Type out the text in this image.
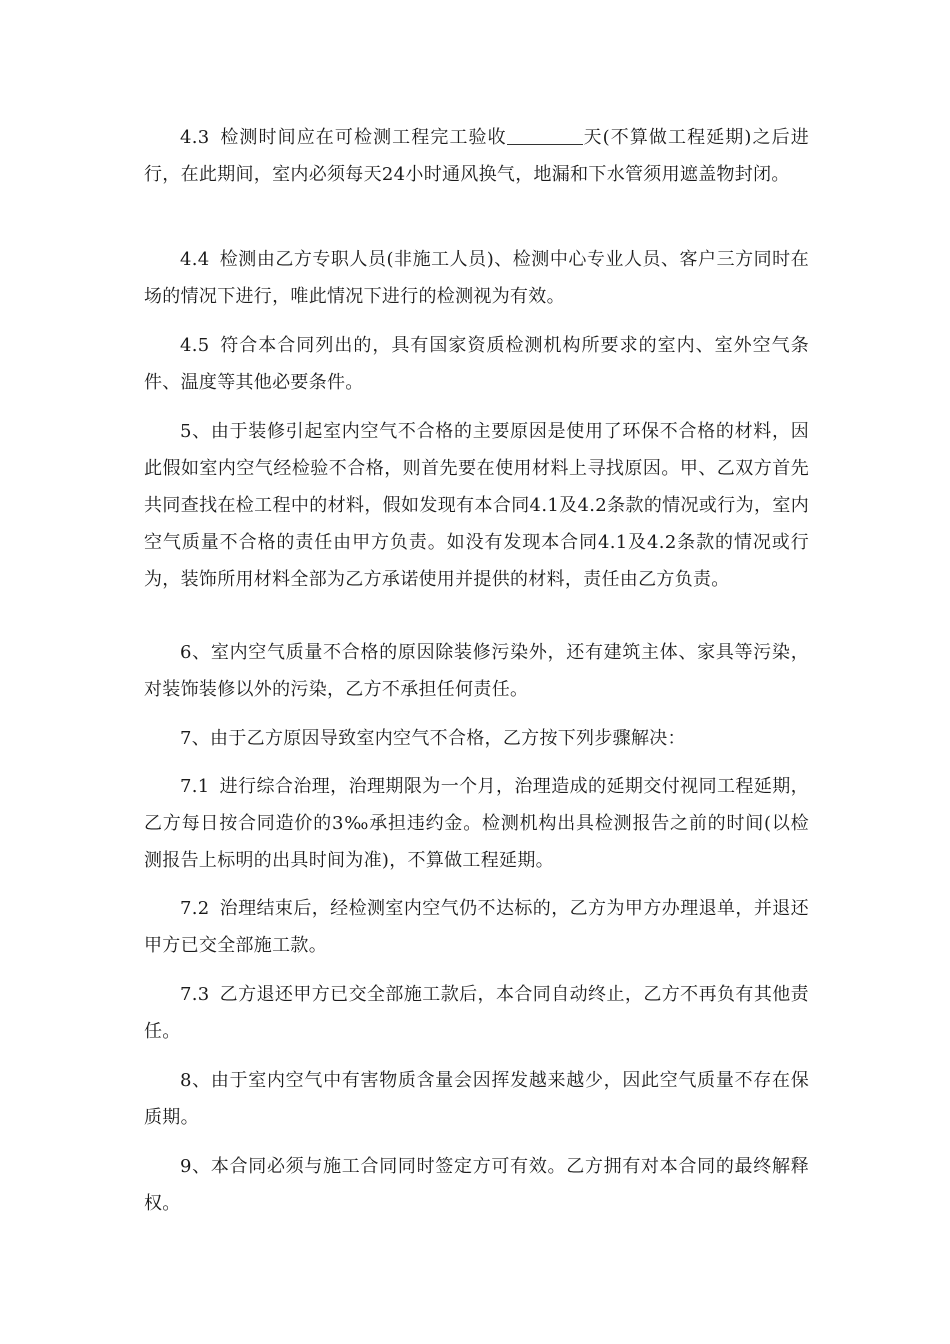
4.3 检测时间应在可检测工程完工验收	天(不算做工程延期)之后进行，在此期间，室内必须每天24小时通风换气，地漏和下水管须用遮盖物封闭。

4.4 检测由乙方专职人员(非施工人员)、检测中心专业人员、客户三方同时在场的情况下进行，唯此情况下进行的检测视为有效。

4.5 符合本合同列出的，具有国家资质检测机构所要求的室内、室外空气条件、温度等其他必要条件。

5、由于装修引起室内空气不合格的主要原因是使用了环保不合格的材料，因此假如室内空气经检验不合格，则首先要在使用材料上寻找原因。甲、乙双方首先共同查找在检工程中的材料，假如发现有本合同4.1及4.2条款的情况或行为，室内空气质量不合格的责任由甲方负责。如没有发现本合同4.1及4.2条款的情况或行为，装饰所用材料全部为乙方承诺使用并提供的材料，责任由乙方负责。

6、室内空气质量不合格的原因除装修污染外，还有建筑主体、家具等污染，对装饰装修以外的污染，乙方不承担任何责任。

7、由于乙方原因导致室内空气不合格，乙方按下列步骤解决：

7.1 进行综合治理，治理期限为一个月，治理造成的延期交付视同工程延期，乙方每日按合同造价的3‰承担违约金。检测机构出具检测报告之前的时间(以检测报告上标明的出具时间为准)，不算做工程延期。

7.2 治理结束后，经检测室内空气仍不达标的，乙方为甲方办理退单，并退还甲方已交全部施工款。

7.3 乙方退还甲方已交全部施工款后，本合同自动终止，乙方不再负有其他责任。

8、由于室内空气中有害物质含量会因挥发越来越少，因此空气质量不存在保质期。

9、本合同必须与施工合同同时签定方可有效。乙方拥有对本合同的最终解释权。
